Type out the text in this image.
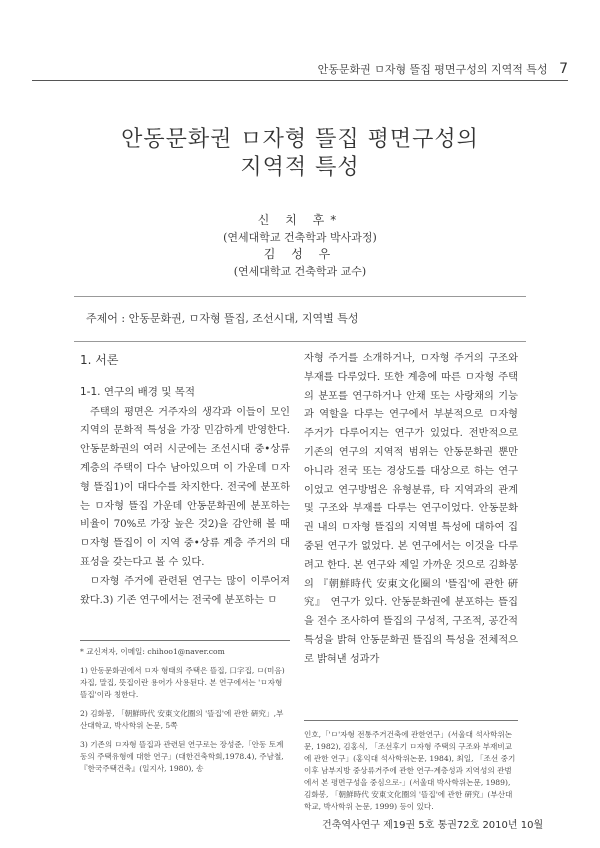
안동문화권 ㅁ자형 뜰집 평면구성의 지역적 특성 7
안동문화권 ㅁ자형 뜰집 평면구성의
지역적 특성
신 치 후*
(연세대학교 건축학과 박사과정)
김 성 우
(연세대학교 건축학과 교수)
주제어 : 안동문화권, ㅁ자형 뜰집, 조선시대, 지역별 특성
1. 서론
1-1. 연구의 배경 및 목적

주택의 평면은 거주자의 생각과 이들이 모인 지역의 문화적 특성을 가장 민감하게 반영한다. 안동문화권의 여러 시군에는 조선시대 중•상류 계층의 주택이 다수 남아있으며 이 가운데 ㅁ자형 뜰집1)이 대다수를 차지한다. 전국에 분포하는 ㅁ자형 뜰집 가운데 안동문화권에 분포하는 비율이 70%로 가장 높은 것2)을 감안해 볼 때 ㅁ자형 뜰집이 이 지역 중•상류 계층 주거의 대표성을 갖는다고 볼 수 있다.

ㅁ자형 주거에 관련된 연구는 많이 이루어져왔다.3) 기존 연구에서는 전국에 분포하는 ㅁ

* 교신저자, 이메일: chihoo1@naver.com

1) 안동문화권에서 ㅁ자 형태의 주택은 뜰집, 口字집, ㅁ(미음)자집, 말집, 뜻집이란 용어가 사용된다. 본 연구에서는 'ㅁ자형 뜰집'이라 칭한다.

2) 김화봉, 「朝鮮時代 安東文化圈의 '뜰집'에 관한 硏究」,부산대학교, 박사학위 논문, 5쪽

3) 기존의 ㅁ자형 뜰집과 관련된 연구로는 장성준,「안동 토계동의 주택유형에 대한 연구」(대한건축학회,1978.4), 주남철, 『한국주택건축』(일지사, 1980), 송

자형 주거를 소개하거나, ㅁ자형 주거의 구조와 부재를 다루었다. 또한 계층에 따른 ㅁ자형 주택의 분포를 연구하거나 안채 또는 사랑채의 기능과 역할을 다루는 연구에서 부분적으로 ㅁ자형 주거가 다루어지는 연구가 있었다. 전반적으로 기존의 연구의 지역적 범위는 안동문화권 뿐만 아니라 전국 또는 경상도를 대상으로 하는 연구이었고 연구방법은 유형분류, 타 지역과의 관계 및 구조와 부재를 다루는 연구이었다. 안동문화권 내의 ㅁ자형 뜰집의 지역별 특성에 대하여 집중된 연구가 없었다. 본 연구에서는 이것을 다루려고 한다. 본 연구와 제일 가까운 것으로 김화봉의 『朝鮮時代 安東文化圈의 '뜰집'에 관한 硏究』 연구가 있다. 안동문화권에 분포하는 뜰집을 전수 조사하여 뜰집의 구성적, 구조적, 공간적 특성을 밝혀 안동문화권 뜰집의 특성을 전체적으로 밝혀낸 성과가

인호,「'ㅁ'자형 전통주거건축에 관한연구」(서울대 석사학위논문, 1982), 김홍식, 「조선후기 ㅁ자형 주택의 구조와 부재비교에 관한 연구」(홍익대 석사학위논문, 1984), 최일, 「조선 중기이후 남부지방 중상류거주에 관한 연구-계층성과 지역성의 관범에서 본 평면구성을 중심으로-」(서울대 박사학위논문, 1989), 김화봉, 「朝鮮時代 安東文化圈의 '뜰집'에 관한 硏究」(부산대학교, 박사학위 논문, 1999) 등이 있다.
건축역사연구 제19권 5호 통권72호 2010년 10월
